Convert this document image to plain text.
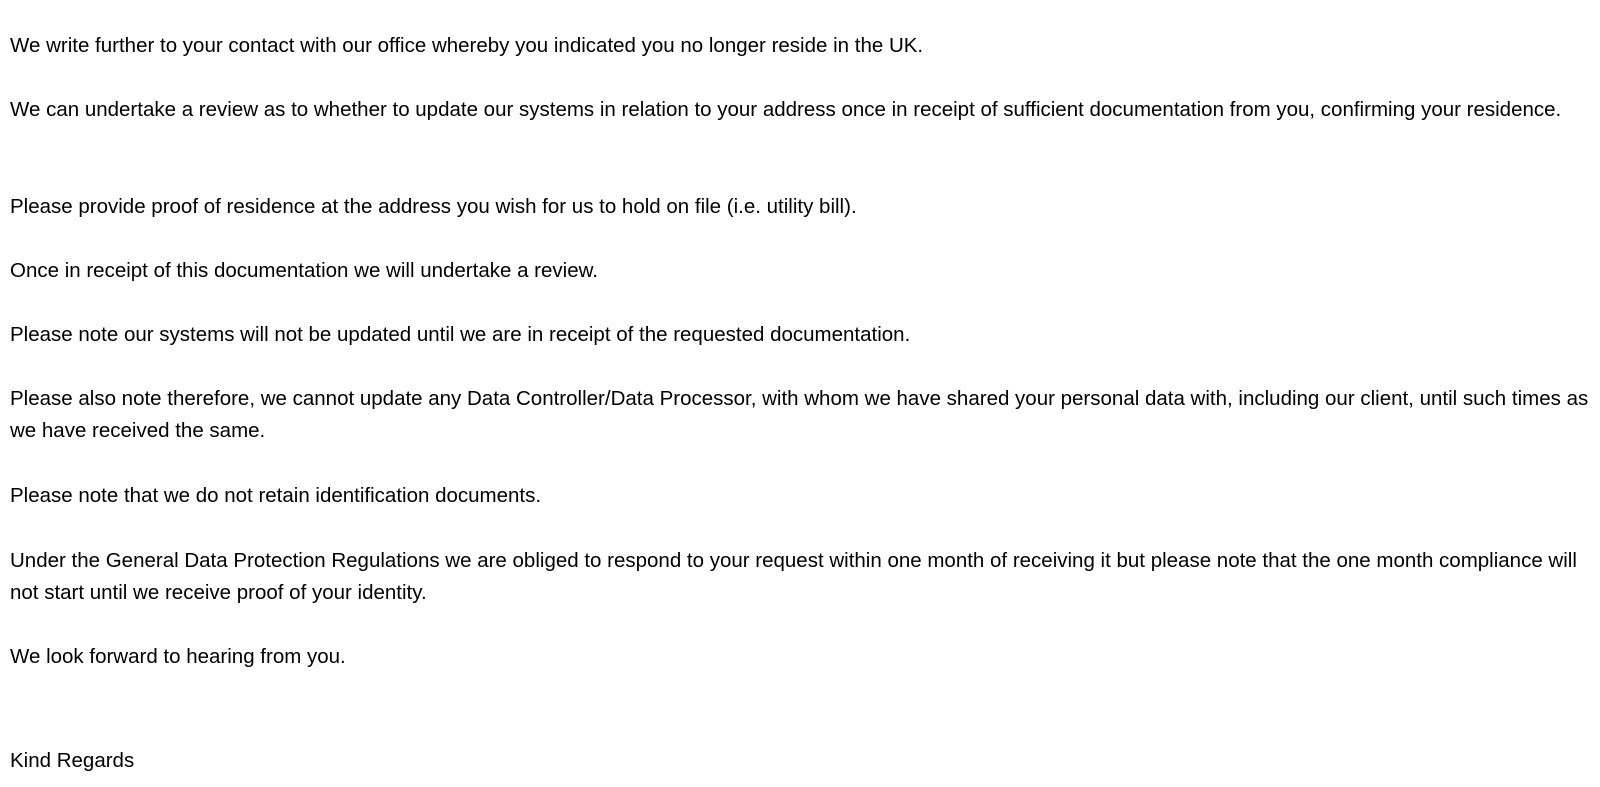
We write further to your contact with our office whereby you indicated you no longer reside in the UK.

We can undertake a review as to whether to update our systems in relation to your address once in receipt of sufficient documentation from you, confirming your residence.

Please provide proof of residence at the address you wish for us to hold on file (i.e. utility bill).

Once in receipt of this documentation we will undertake a review.

Please note our systems will not be updated until we are in receipt of the requested documentation.

Please also note therefore, we cannot update any Data Controller/Data Processor, with whom we have shared your personal data with, including our client, until such times as we have received the same.

Please note that we do not retain identification documents.

Under the General Data Protection Regulations we are obliged to respond to your request within one month of receiving it but please note that the one month compliance will not start until we receive proof of your identity.

We look forward to hearing from you.

Kind Regards
